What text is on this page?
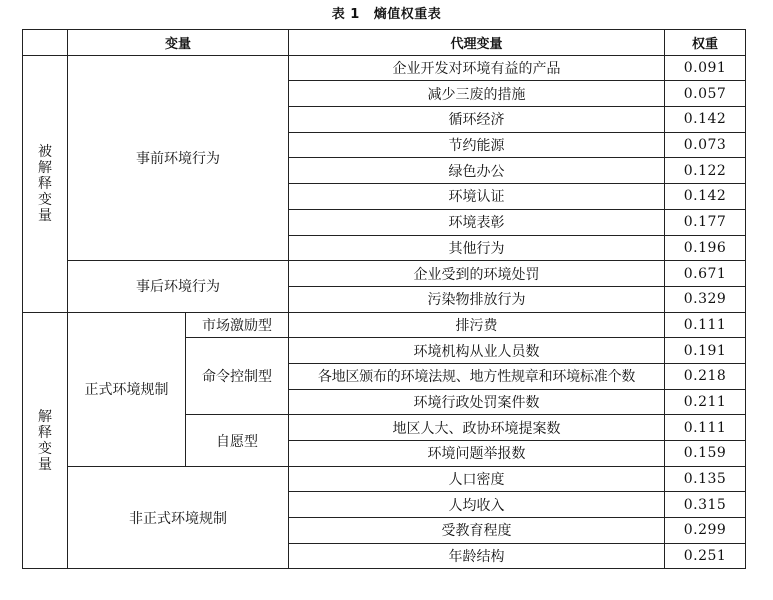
表 1 熵值权重表
	变量		代理变量	权重
被解释变量	事前环境行为		企业开发对环境有益的产品	0.091
			减少三废的措施	0.057
			循环经济	0.142
			节约能源	0.073
			绿色办公	0.122
			环境认证	0.142
			环境表彰	0.177
			其他行为	0.196
	事后环境行为		企业受到的环境处罚	0.671
			污染物排放行为	0.329
解释变量	正式环境规制	市场激励型	排污费	0.111
		命令控制型	环境机构从业人员数	0.191
			各地区颁布的环境法规、地方性规章和环境标准个数	0.218
			环境行政处罚案件数	0.211
		自愿型	地区人大、政协环境提案数	0.111
			环境问题举报数	0.159
	非正式环境规制		人口密度	0.135
			人均收入	0.315
			受教育程度	0.299
			年龄结构	0.251
